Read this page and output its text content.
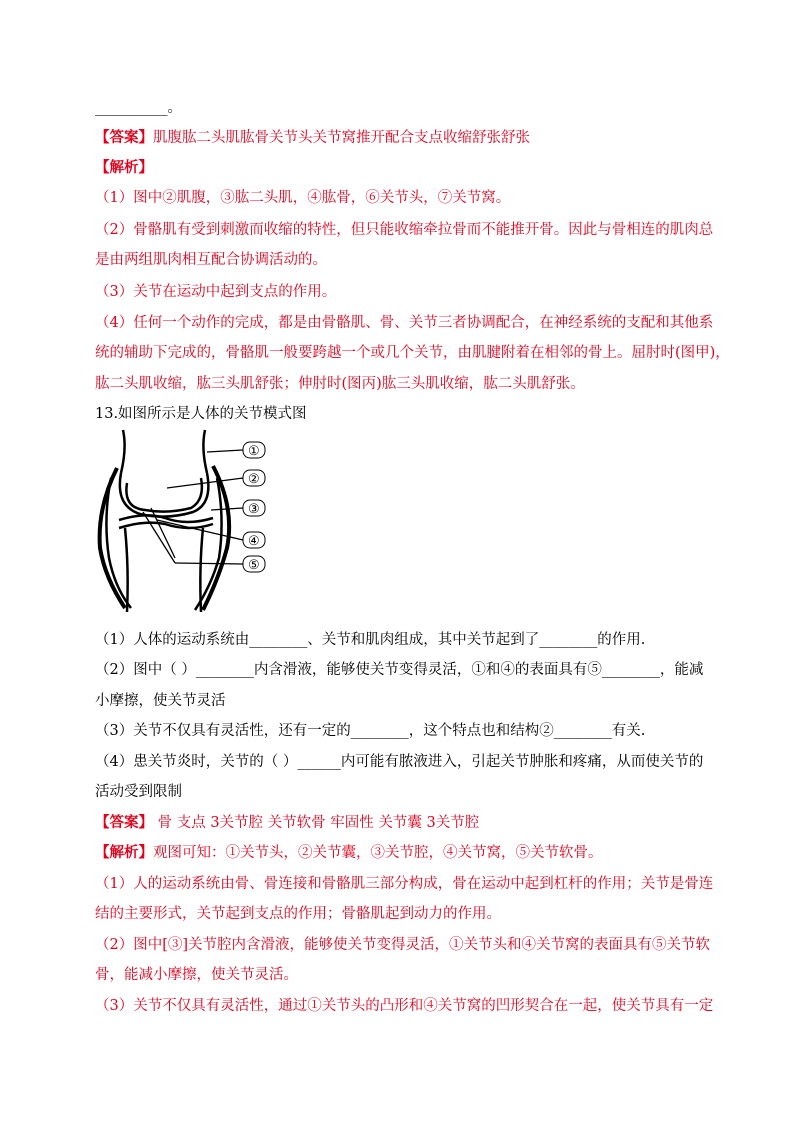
__________。
【答案】肌腹肱二头肌肱骨关节头关节窝推开配合支点收缩舒张舒张
【解析】
（1）图中②肌腹，③肱二头肌，④肱骨，⑥关节头，⑦关节窝。
（2）骨骼肌有受到刺激而收缩的特性，但只能收缩牵拉骨而不能推开骨。因此与骨相连的肌肉总
是由两组肌肉相互配合协调活动的。
（3）关节在运动中起到支点的作用。
（4）任何一个动作的完成，都是由骨骼肌、骨、关节三者协调配合，在神经系统的支配和其他系
统的辅助下完成的，骨骼肌一般要跨越一个或几个关节，由肌腱附着在相邻的骨上。屈肘时(图甲)，
肱二头肌收缩，肱三头肌舒张；伸肘时(图丙)肱三头肌收缩，肱二头肌舒张。
13.如图所示是人体的关节模式图
①
②
③
④
⑤
（1）人体的运动系统由________、关节和肌肉组成，其中关节起到了________的作用.
（2）图中（ ）________内含滑液，能够使关节变得灵活，①和④的表面具有⑤________，能减
小摩擦，使关节灵活
（3）关节不仅具有灵活性，还有一定的________，这个特点也和结构②________有关.
（4）患关节炎时，关节的（ ）______内可能有脓液进入，引起关节肿胀和疼痛，从而使关节的
活动受到限制
【答案】 骨 支点 3关节腔 关节软骨 牢固性 关节囊 3关节腔
【解析】观图可知：①关节头，②关节囊，③关节腔，④关节窝，⑤关节软骨。
（1）人的运动系统由骨、骨连接和骨骼肌三部分构成，骨在运动中起到杠杆的作用；关节是骨连
结的主要形式，关节起到支点的作用；骨骼肌起到动力的作用。
（2）图中[③]关节腔内含滑液，能够使关节变得灵活，①关节头和④关节窝的表面具有⑤关节软
骨，能减小摩擦，使关节灵活。
（3）关节不仅具有灵活性，通过①关节头的凸形和④关节窝的凹形契合在一起，使关节具有一定
